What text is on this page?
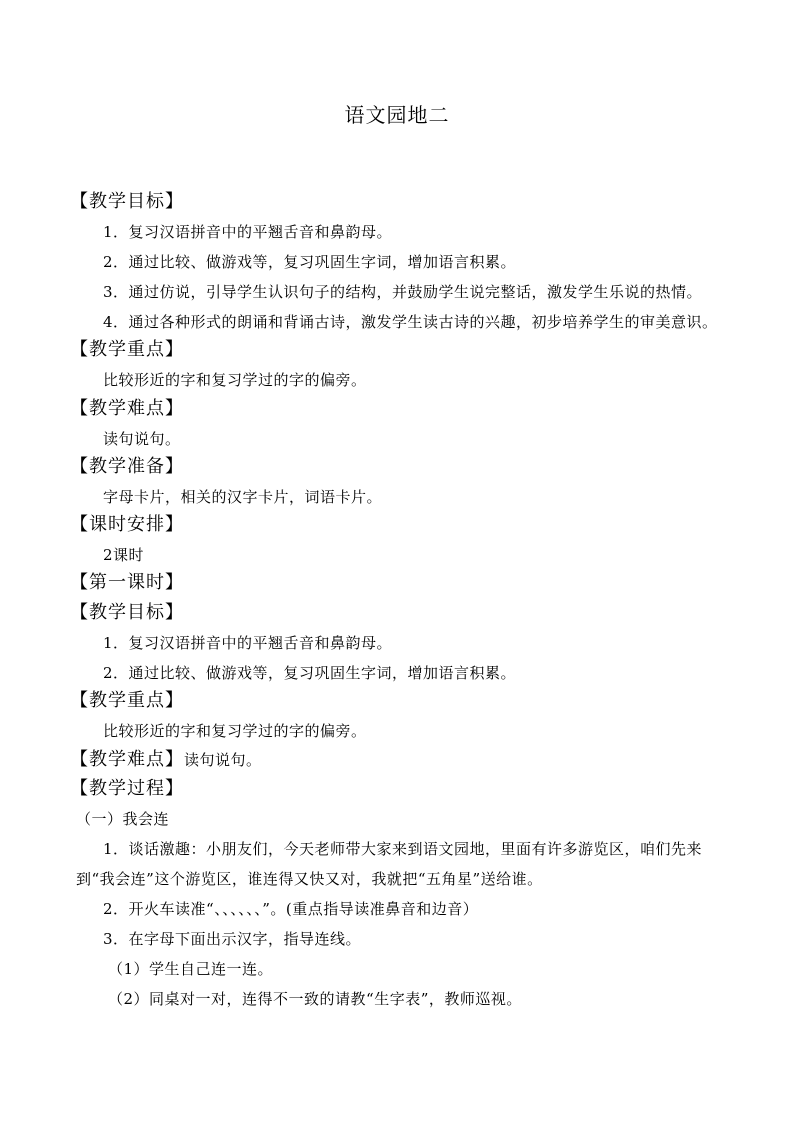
语文园地二
【教学目标】
1．复习汉语拼音中的平翘舌音和鼻韵母。
2．通过比较、做游戏等，复习巩固生字词，增加语言积累。
3．通过仿说，引导学生认识句子的结构，并鼓励学生说完整话，激发学生乐说的热情。
4．通过各种形式的朗诵和背诵古诗，激发学生读古诗的兴趣，初步培养学生的审美意识。
【教学重点】
比较形近的字和复习学过的字的偏旁。
【教学难点】
读句说句。
【教学准备】
字母卡片，相关的汉字卡片，词语卡片。
【课时安排】
2课时
【第一课时】
【教学目标】
1．复习汉语拼音中的平翘舌音和鼻韵母。
2．通过比较、做游戏等，复习巩固生字词，增加语言积累。
【教学重点】
比较形近的字和复习学过的字的偏旁。
【教学难点】读句说句。
【教学过程】
（一）我会连
1．谈话激趣：小朋友们，今天老师带大家来到语文园地，里面有许多游览区，咱们先来
到“我会连”这个游览区，谁连得又快又对，我就把“五角星”送给谁。
2．开火车读准“、、、、、、”。(重点指导读准鼻音和边音）
3．在字母下面出示汉字，指导连线。
（1）学生自己连一连。
（2）同桌对一对，连得不一致的请教“生字表”，教师巡视。
